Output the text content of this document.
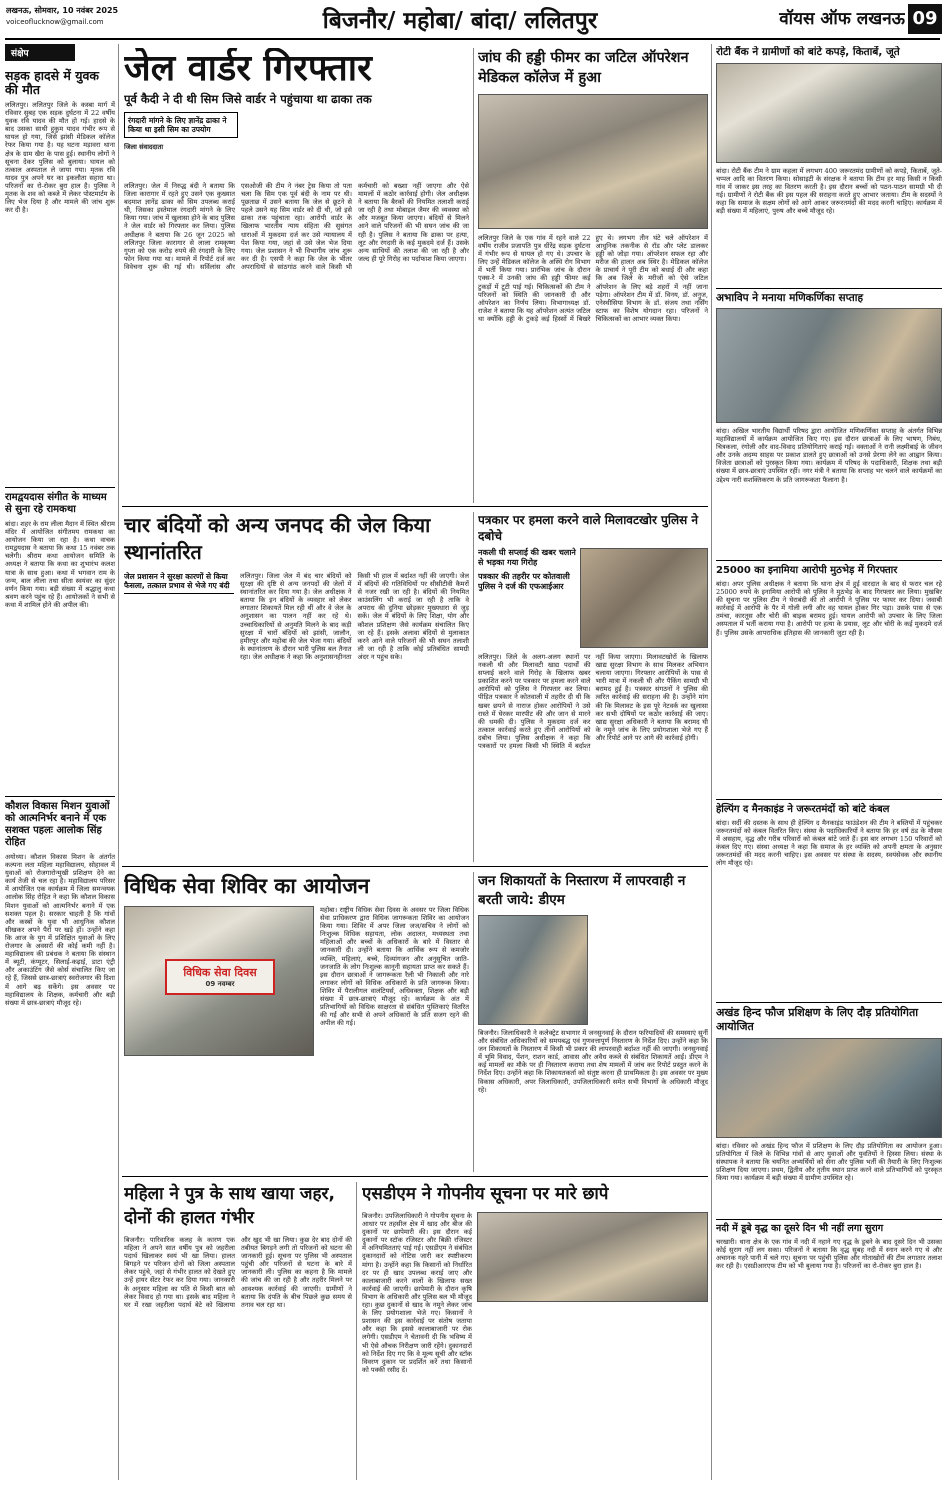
लखनऊ, सोमवार, 10 नवंबर 2025
voiceoflucknow@gmail.com	बिजनौर/ महोबा/ बांदा/ ललितपुर	वॉयस ऑफ लखनऊ 09
संक्षेप
सड़क हादसे में युवक की मौत
ललितपुर। ललितपुर जिले के कस्बा मार्ग में रविवार सुबह एक सड़क दुर्घटना में 22 वर्षीय युवक रवि यादव की मौत हो गई। हादसे के बाद उसका साथी हुकुम यादव गंभीर रूप से घायल हो गया, जिसे झांसी मेडिकल कॉलेज रेफर किया गया है। यह घटना मड़ावरा थाना क्षेत्र के ग्राम खैरा के पास हुई। स्थानीय लोगों ने सूचना देकर पुलिस को बुलाया। घायल को तत्काल अस्पताल ले जाया गया। मृतक रवि यादव पुत्र अपने घर का इकलौता सहारा था। परिजनों का रो-रोकर बुरा हाल है। पुलिस ने मृतक के शव को कब्जे में लेकर पोस्टमार्टम के लिए भेज दिया है और मामले की जांच शुरू कर दी है।
रामद्वयदास संगीत के माध्यम से सुना रहे रामकथा
बांदा। शहर के राम लीला मैदान में स्थित श्रीराम मंदिर में आयोजित संगीतमय रामकथा का आयोजन किया जा रहा है। कथा वाचक रामद्वयदास ने बताया कि कथा 15 नवंबर तक चलेगी। श्रीराम कथा आयोजन समिति के अध्यक्ष ने बताया कि कथा का शुभारंभ कलश यात्रा के साथ हुआ। कथा में भगवान राम के जन्म, बाल लीला तथा सीता स्वयंवर का सुंदर वर्णन किया गया। बड़ी संख्या में श्रद्धालु कथा श्रवण करने पहुंच रहे हैं। आयोजकों ने सभी से कथा में शामिल होने की अपील की।
कौशल विकास मिशन युवाओं को आत्मनिर्भर बनाने में एक सशक्त पहलः आलोक सिंह रोहित
अयोध्या। कौशल विकास मिशन के अंतर्गत कल्पना लता महिला महाविद्यालय, सोहावल में युवाओं को रोजगारोन्मुखी प्रशिक्षण देने का कार्य तेजी से चल रहा है। महाविद्यालय परिसर में आयोजित एक कार्यक्रम में जिला समन्वयक आलोक सिंह रोहित ने कहा कि कौशल विकास मिशन युवाओं को आत्मनिर्भर बनाने में एक सशक्त पहल है। सरकार चाहती है कि गांवों और कस्बों के युवा भी आधुनिक कौशल सीखकर अपने पैरों पर खड़े हों। उन्होंने कहा कि आज के युग में प्रशिक्षित युवाओं के लिए रोजगार के अवसरों की कोई कमी नहीं है। महाविद्यालय की प्रबंधक ने बताया कि संस्थान में ब्यूटी, कंप्यूटर, सिलाई-कढ़ाई, डाटा एंट्री और अकाउंटिंग जैसे कोर्स संचालित किए जा रहे हैं, जिससे छात्र-छात्राएं स्वरोजगार की दिशा में आगे बढ़ सकेंगे। इस अवसर पर महाविद्यालय के शिक्षक, कर्मचारी और बड़ी संख्या में छात्र-छात्राएं मौजूद रहे।
जेल वार्डर गिरफ्तार
पूर्व कैदी ने दी थी सिम जिसे वार्डर ने पहुंचाया था ढाका तक
रंगदारी मांगने के लिए ज्ञानेंद्र ढाका ने किया था इसी सिम का उपयोग
जिला संवाददाता
ललितपुर। जेल में निरुद्ध बंदी ने बताया कि जिला कारागार में रहते हुए उसने एक कुख्यात बदमाश ज्ञानेंद्र ढाका को सिम उपलब्ध कराई थी, जिसका इस्तेमाल रंगदारी मांगने के लिए किया गया। जांच में खुलासा होने के बाद पुलिस ने जेल वार्डर को गिरफ्तार कर लिया। पुलिस अधीक्षक ने बताया कि 26 जून 2025 को ललितपुर जिला कारागार से लाला रामकृष्ण गुप्ता को एक करोड़ रुपये की रंगदारी के लिए फोन किया गया था। मामले में रिपोर्ट दर्ज कर विवेचना शुरू की गई थी। सर्विलांस और एसओजी की टीम ने नंबर ट्रेस किया तो पता चला कि सिम एक पूर्व बंदी के नाम पर थी। पूछताछ में उसने बताया कि जेल से छूटने से पहले उसने यह सिम वार्डर को दी थी, जो इसे ढाका तक पहुंचाता रहा। आरोपी वार्डर के खिलाफ भारतीय न्याय संहिता की सुसंगत धाराओं में मुकदमा दर्ज कर उसे न्यायालय में पेश किया गया, जहां से उसे जेल भेज दिया गया। जेल प्रशासन ने भी विभागीय जांच शुरू कर दी है। एसपी ने कहा कि जेल के भीतर अपराधियों से सांठगांठ करने वाले किसी भी कर्मचारी को बख्शा नहीं जाएगा और ऐसे मामलों में कठोर कार्रवाई होगी। जेल अधीक्षक ने बताया कि बैरकों की नियमित तलाशी कराई जा रही है तथा मोबाइल जैमर की व्यवस्था को और मजबूत किया जाएगा। बंदियों से मिलने आने वाले परिजनों की भी सघन जांच की जा रही है। पुलिस ने बताया कि ढाका पर हत्या, लूट और रंगदारी के कई मुकदमे दर्ज हैं। उसके अन्य साथियों की तलाश की जा रही है और जल्द ही पूरे गिरोह का पर्दाफाश किया जाएगा।
जांघ की हड्डी फीमर का जटिल ऑपरेशन मेडिकल कॉलेज में हुआ
ललितपुर जिले के एक गांव में रहने वाले 22 वर्षीय राजीव प्रजापति पुत्र धीरेंद्र सड़क दुर्घटना में गंभीर रूप से घायल हो गए थे। उपचार के लिए उन्हें मेडिकल कॉलेज के अस्थि रोग विभाग में भर्ती किया गया। प्रारंभिक जांच के दौरान एक्स-रे में उनकी जांघ की हड्डी फीमर कई टुकड़ों में टूटी पाई गई। चिकित्सकों की टीम ने परिजनों को स्थिति की जानकारी दी और ऑपरेशन का निर्णय लिया। विभागाध्यक्ष डॉ. राजेश ने बताया कि यह ऑपरेशन अत्यंत जटिल था क्योंकि हड्डी के टुकड़े कई हिस्सों में बिखरे हुए थे। लगभग तीन घंटे चले ऑपरेशन में आधुनिक तकनीक से रॉड और प्लेट डालकर हड्डी को जोड़ा गया। ऑपरेशन सफल रहा और मरीज की हालत अब स्थिर है। मेडिकल कॉलेज के प्राचार्य ने पूरी टीम को बधाई दी और कहा कि अब जिले के मरीजों को ऐसे जटिल ऑपरेशन के लिए बड़े शहरों में नहीं जाना पड़ेगा। ऑपरेशन टीम में डॉ. विनय, डॉ. अनुज, एनेस्थीसिया विभाग के डॉ. संजय तथा नर्सिंग स्टाफ का विशेष योगदान रहा। परिजनों ने चिकित्सकों का आभार व्यक्त किया।
रोटी बैंक ने ग्रामीणों को बांटे कपड़े, किताबें, जूते
बांदा। रोटी बैंक टीम ने ग्राम कहला में लगभग 400 जरूरतमंद ग्रामीणों को कपड़े, किताबें, जूते-चप्पल आदि का वितरण किया। सोसाइटी के संरक्षक ने बताया कि टीम हर माह किसी न किसी गांव में जाकर इस तरह का वितरण करती है। इस दौरान बच्चों को पठन-पाठन सामग्री भी दी गई। ग्रामीणों ने रोटी बैंक की इस पहल की सराहना करते हुए आभार जताया। टीम के सदस्यों ने कहा कि समाज के सक्षम लोगों को आगे आकर जरूरतमंदों की मदद करनी चाहिए। कार्यक्रम में बड़ी संख्या में महिलाएं, पुरुष और बच्चे मौजूद रहे।
अभाविप ने मनाया मणिकर्णिका सप्ताह
बांदा। अखिल भारतीय विद्यार्थी परिषद द्वारा आयोजित मणिकर्णिका सप्ताह के अंतर्गत विभिन्न महाविद्यालयों में कार्यक्रम आयोजित किए गए। इस दौरान छात्राओं के लिए भाषण, निबंध, चित्रकला, रंगोली और वाद-विवाद प्रतियोगिताएं कराई गईं। वक्ताओं ने रानी लक्ष्मीबाई के जीवन और उनके अदम्य साहस पर प्रकाश डालते हुए छात्राओं को उनसे प्रेरणा लेने का आह्वान किया। विजेता छात्राओं को पुरस्कृत किया गया। कार्यक्रम में परिषद के पदाधिकारी, शिक्षक तथा बड़ी संख्या में छात्र-छात्राएं उपस्थित रहीं। नगर मंत्री ने बताया कि सप्ताह भर चलने वाले कार्यक्रमों का उद्देश्य नारी सशक्तिकरण के प्रति जागरूकता फैलाना है।
25000 का इनामिया आरोपी मुठभेड़ में गिरफ्तार
बांदा। अपर पुलिस अधीक्षक ने बताया कि थाना क्षेत्र में हुई वारदात के बाद से फरार चल रहे 25000 रुपये के इनामिया आरोपी को पुलिस ने मुठभेड़ के बाद गिरफ्तार कर लिया। मुखबिर की सूचना पर पुलिस टीम ने घेराबंदी की तो आरोपी ने पुलिस पर फायर कर दिया। जवाबी कार्रवाई में आरोपी के पैर में गोली लगी और वह घायल होकर गिर पड़ा। उसके पास से एक तमंचा, कारतूस और चोरी की बाइक बरामद हुई। घायल आरोपी को उपचार के लिए जिला अस्पताल में भर्ती कराया गया है। आरोपी पर हत्या के प्रयास, लूट और चोरी के कई मुकदमे दर्ज हैं। पुलिस उसके आपराधिक इतिहास की जानकारी जुटा रही है।
हेल्पिंग द मैनकाइंड ने जरूरतमंदों को बांटे कंबल
बांदा। सर्दी की दस्तक के साथ ही हेल्पिंग द मैनकाइंड फाउंडेशन की टीम ने बस्तियों में पहुंचकर जरूरतमंदों को कंबल वितरित किए। संस्था के पदाधिकारियों ने बताया कि हर वर्ष ठंड के मौसम में असहाय, वृद्ध और गरीब परिवारों को कंबल बांटे जाते हैं। इस बार लगभग 150 परिवारों को कंबल दिए गए। संस्था अध्यक्ष ने कहा कि समाज के हर व्यक्ति को अपनी क्षमता के अनुसार जरूरतमंदों की मदद करनी चाहिए। इस अवसर पर संस्था के सदस्य, स्वयंसेवक और स्थानीय लोग मौजूद रहे।
अखंड हिन्द फौज प्रशिक्षण के लिए दौड़ प्रतियोगिता आयोजित
बांदा। रविवार को अखंड हिन्द फौज में प्रशिक्षण के लिए दौड़ प्रतियोगिता का आयोजन हुआ। प्रतियोगिता में जिले के विभिन्न गांवों से आए युवाओं और युवतियों ने हिस्सा लिया। संस्था के संस्थापक ने बताया कि चयनित अभ्यर्थियों को सेना और पुलिस भर्ती की तैयारी के लिए निःशुल्क प्रशिक्षण दिया जाएगा। प्रथम, द्वितीय और तृतीय स्थान प्राप्त करने वाले प्रतिभागियों को पुरस्कृत किया गया। कार्यक्रम में बड़ी संख्या में ग्रामीण उपस्थित रहे।
नदी में डूबे वृद्ध का दूसरे दिन भी नहीं लगा सुराग
चरखारी। थाना क्षेत्र के एक गांव में नदी में नहाने गए वृद्ध के डूबने के बाद दूसरे दिन भी उसका कोई सुराग नहीं लग सका। परिजनों ने बताया कि वृद्ध सुबह नदी में स्नान करने गए थे और अचानक गहरे पानी में चले गए। सूचना पर पहुंची पुलिस और गोताखोरों की टीम लगातार तलाश कर रही है। एसडीआरएफ टीम को भी बुलाया गया है। परिजनों का रो-रोकर बुरा हाल है।
चार बंदियों को अन्य जनपद की जेल किया स्थानांतरित
जेल प्रशासन ने सुरक्षा कारणों से किया फैसला, तत्काल प्रभाव से भेजे गए बंदी
ललितपुर। जिला जेल में बंद चार बंदियों को सुरक्षा की दृष्टि से अन्य जनपदों की जेलों में स्थानांतरित कर दिया गया है। जेल अधीक्षक ने बताया कि इन बंदियों के व्यवहार को लेकर लगातार शिकायतें मिल रही थीं और वे जेल के अनुशासन का पालन नहीं कर रहे थे। उच्चाधिकारियों से अनुमति मिलने के बाद कड़ी सुरक्षा में चारों बंदियों को झांसी, जालौन, हमीरपुर और महोबा की जेल भेजा गया। बंदियों के स्थानांतरण के दौरान भारी पुलिस बल तैनात रहा। जेल अधीक्षक ने कहा कि अनुशासनहीनता किसी भी हाल में बर्दाश्त नहीं की जाएगी। जेल में बंदियों की गतिविधियों पर सीसीटीवी कैमरों से नजर रखी जा रही है। बंदियों की नियमित काउंसलिंग भी कराई जा रही है ताकि वे अपराध की दुनिया छोड़कर मुख्यधारा से जुड़ सकें। जेल में बंदियों के लिए शिक्षा, योग और कौशल प्रशिक्षण जैसे कार्यक्रम संचालित किए जा रहे हैं। इसके अलावा बंदियों से मुलाकात करने आने वाले परिजनों की भी सघन तलाशी ली जा रही है ताकि कोई प्रतिबंधित सामग्री अंदर न पहुंच सके।
पत्रकार पर हमला करने वाले मिलावटखोर पुलिस ने दबोचे
नकली घी सप्लाई की खबर चलाने से भड़का गया गिरोह
पत्रकार की तहरीर पर कोतवाली पुलिस ने दर्ज की एफआईआर
ललितपुर। जिले के अलग-अलग स्थानों पर नकली घी और मिलावटी खाद्य पदार्थों की सप्लाई करने वाले गिरोह के खिलाफ खबर प्रकाशित करने पर पत्रकार पर हमला करने वाले आरोपियों को पुलिस ने गिरफ्तार कर लिया। पीड़ित पत्रकार ने कोतवाली में तहरीर दी थी कि खबर छपने से नाराज होकर आरोपियों ने उसे रास्ते में घेरकर मारपीट की और जान से मारने की धमकी दी। पुलिस ने मुकदमा दर्ज कर तत्काल कार्रवाई करते हुए तीनों आरोपियों को दबोच लिया। पुलिस अधीक्षक ने कहा कि पत्रकारों पर हमला किसी भी स्थिति में बर्दाश्त नहीं किया जाएगा। मिलावटखोरों के खिलाफ खाद्य सुरक्षा विभाग के साथ मिलकर अभियान चलाया जाएगा। गिरफ्तार आरोपियों के पास से भारी मात्रा में नकली घी और पैकिंग सामग्री भी बरामद हुई है। पत्रकार संगठनों ने पुलिस की त्वरित कार्रवाई की सराहना की है। उन्होंने मांग की कि मिलावट के इस पूरे नेटवर्क का खुलासा कर सभी दोषियों पर कठोर कार्रवाई की जाए। खाद्य सुरक्षा अधिकारी ने बताया कि बरामद घी के नमूने जांच के लिए प्रयोगशाला भेजे गए हैं और रिपोर्ट आने पर आगे की कार्रवाई होगी।
विधिक सेवा शिविर का आयोजन
विधिक सेवा दिवस
09 नवम्बर
महोबा। राष्ट्रीय विधिक सेवा दिवस के अवसर पर जिला विधिक सेवा प्राधिकरण द्वारा विधिक जागरूकता शिविर का आयोजन किया गया। शिविर में अपर जिला जज/सचिव ने लोगों को निःशुल्क विधिक सहायता, लोक अदालत, मध्यस्थता तथा महिलाओं और बच्चों के अधिकारों के बारे में विस्तार से जानकारी दी। उन्होंने बताया कि आर्थिक रूप से कमजोर व्यक्ति, महिलाएं, बच्चे, दिव्यांगजन और अनुसूचित जाति-जनजाति के लोग निःशुल्क कानूनी सहायता प्राप्त कर सकते हैं। इस दौरान छात्राओं ने जागरूकता रैली भी निकाली और नारे लगाकर लोगों को विधिक अधिकारों के प्रति जागरूक किया। शिविर में पैरालीगल वालंटियर्स, अधिवक्ता, शिक्षक और बड़ी संख्या में छात्र-छात्राएं मौजूद रहे। कार्यक्रम के अंत में प्रतिभागियों को विधिक साक्षरता से संबंधित पुस्तिकाएं वितरित की गईं और सभी से अपने अधिकारों के प्रति सजग रहने की अपील की गई।
जन शिकायतों के निस्तारण में लापरवाही न बरती जाये: डीएम
बिजनौर। जिलाधिकारी ने कलेक्ट्रेट सभागार में जनसुनवाई के दौरान फरियादियों की समस्याएं सुनीं और संबंधित अधिकारियों को समयबद्ध एवं गुणवत्तापूर्ण निस्तारण के निर्देश दिए। उन्होंने कहा कि जन शिकायतों के निस्तारण में किसी भी प्रकार की लापरवाही बर्दाश्त नहीं की जाएगी। जनसुनवाई में भूमि विवाद, पेंशन, राशन कार्ड, आवास और अवैध कब्जे से संबंधित शिकायतें आईं। डीएम ने कई मामलों का मौके पर ही निस्तारण कराया तथा शेष मामलों में जांच कर रिपोर्ट प्रस्तुत करने के निर्देश दिए। उन्होंने कहा कि शिकायतकर्ता को संतुष्ट करना ही प्राथमिकता है। इस अवसर पर मुख्य विकास अधिकारी, अपर जिलाधिकारी, उपजिलाधिकारी समेत सभी विभागों के अधिकारी मौजूद रहे।
महिला ने पुत्र के साथ खाया जहर, दोनों की हालत गंभीर
बिजनौर। पारिवारिक कलह के कारण एक महिला ने अपने सात वर्षीय पुत्र को जहरीला पदार्थ खिलाकर स्वयं भी खा लिया। हालत बिगड़ने पर परिजन दोनों को जिला अस्पताल लेकर पहुंचे, जहां से गंभीर हालत को देखते हुए उन्हें हायर सेंटर रेफर कर दिया गया। जानकारी के अनुसार महिला का पति से किसी बात को लेकर विवाद हो गया था। इसके बाद महिला ने घर में रखा जहरीला पदार्थ बेटे को खिलाया और खुद भी खा लिया। कुछ देर बाद दोनों की तबीयत बिगड़ने लगी तो परिजनों को घटना की जानकारी हुई। सूचना पर पुलिस भी अस्पताल पहुंची और परिजनों से घटना के बारे में जानकारी ली। पुलिस का कहना है कि मामले की जांच की जा रही है और तहरीर मिलने पर आवश्यक कार्रवाई की जाएगी। ग्रामीणों ने बताया कि दंपति के बीच पिछले कुछ समय से तनाव चल रहा था।
एसडीएम ने गोपनीय सूचना पर मारे छापे
बिजनौर। उपजिलाधिकारी ने गोपनीय सूचना के आधार पर तहसील क्षेत्र में खाद और बीज की दुकानों पर छापेमारी की। इस दौरान कई दुकानों पर स्टॉक रजिस्टर और बिक्री रजिस्टर में अनियमितताएं पाई गईं। एसडीएम ने संबंधित दुकानदारों को नोटिस जारी कर स्पष्टीकरण मांगा है। उन्होंने कहा कि किसानों को निर्धारित दर पर ही खाद उपलब्ध कराई जाए और कालाबाजारी करने वालों के खिलाफ सख्त कार्रवाई की जाएगी। छापेमारी के दौरान कृषि विभाग के अधिकारी और पुलिस बल भी मौजूद रहा। कुछ दुकानों से खाद के नमूने लेकर जांच के लिए प्रयोगशाला भेजे गए। किसानों ने प्रशासन की इस कार्रवाई पर संतोष जताया और कहा कि इससे कालाबाजारी पर रोक लगेगी। एसडीएम ने चेतावनी दी कि भविष्य में भी ऐसे औचक निरीक्षण जारी रहेंगे। दुकानदारों को निर्देश दिए गए कि वे मूल्य सूची और स्टॉक विवरण दुकान पर प्रदर्शित करें तथा किसानों को पक्की रसीद दें।
